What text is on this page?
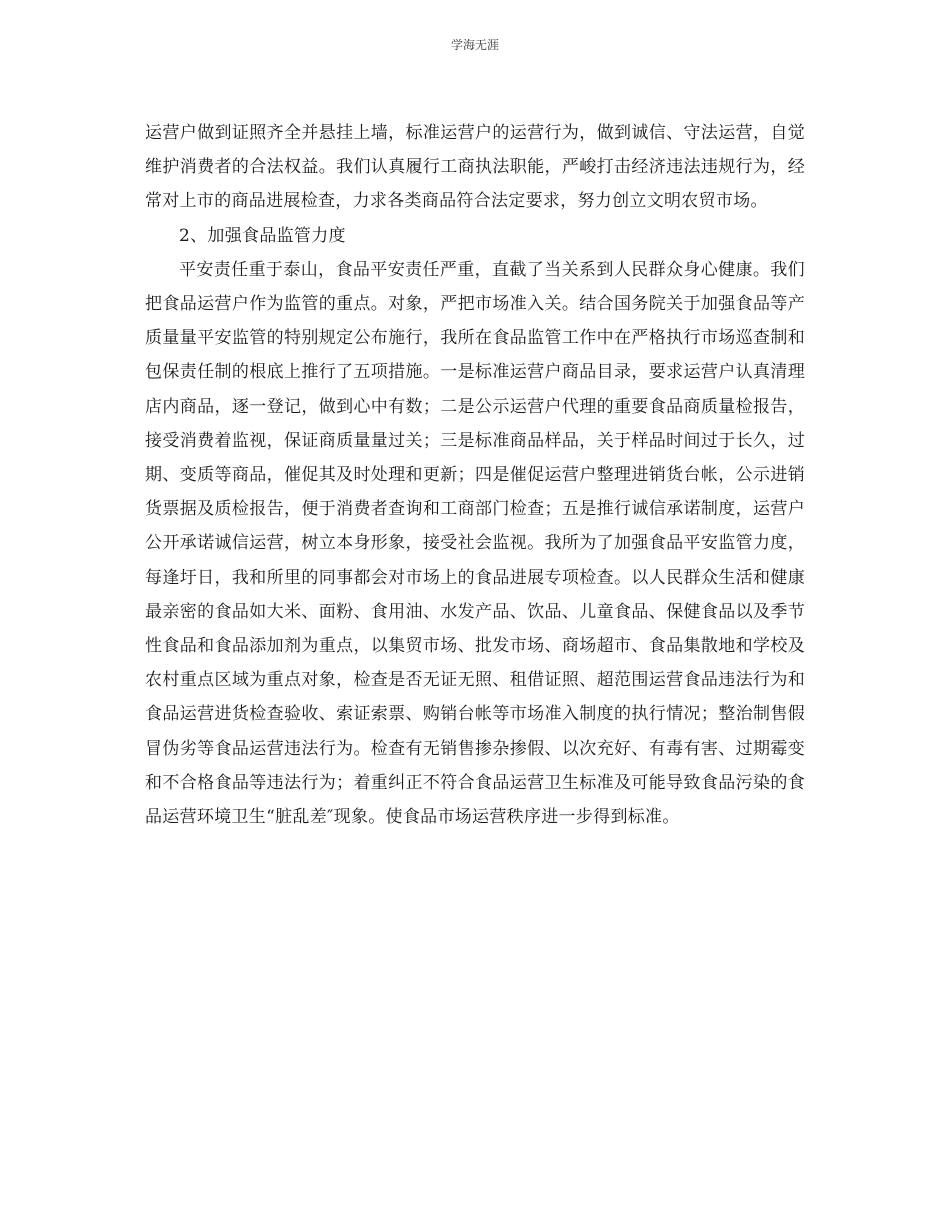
学海无涯

运营户做到证照齐全并悬挂上墙，标准运营户的运营行为，做到诚信、守法运营，自觉维护消费者的合法权益。我们认真履行工商执法职能，严峻打击经济违法违规行为，经常对上市的商品进展检查，力求各类商品符合法定要求，努力创立文明农贸市场。

2、加强食品监管力度

平安责任重于泰山，食品平安责任严重，直截了当关系到人民群众身心健康。我们把食品运营户作为监管的重点。对象，严把市场准入关。结合国务院关于加强食品等产质量量平安监管的特别规定公布施行，我所在食品监管工作中在严格执行市场巡查制和包保责任制的根底上推行了五项措施。一是标准运营户商品目录，要求运营户认真清理店内商品，逐一登记，做到心中有数；二是公示运营户代理的重要食品商质量检报告，接受消费着监视，保证商质量量过关；三是标准商品样品，关于样品时间过于长久，过期、变质等商品，催促其及时处理和更新；四是催促运营户整理进销货台帐，公示进销货票据及质检报告，便于消费者查询和工商部门检查；五是推行诚信承诺制度，运营户公开承诺诚信运营，树立本身形象，接受社会监视。我所为了加强食品平安监管力度，每逢圩日，我和所里的同事都会对市场上的食品进展专项检查。以人民群众生活和健康最亲密的食品如大米、面粉、食用油、水发产品、饮品、儿童食品、保健食品以及季节性食品和食品添加剂为重点，以集贸市场、批发市场、商场超市、食品集散地和学校及农村重点区域为重点对象，检查是否无证无照、租借证照、超范围运营食品违法行为和食品运营进货检查验收、索证索票、购销台帐等市场准入制度的执行情况；整治制售假冒伪劣等食品运营违法行为。检查有无销售掺杂掺假、以次充好、有毒有害、过期霉变和不合格食品等违法行为；着重纠正不符合食品运营卫生标准及可能导致食品污染的食品运营环境卫生“脏乱差″现象。使食品市场运营秩序进一步得到标准。
